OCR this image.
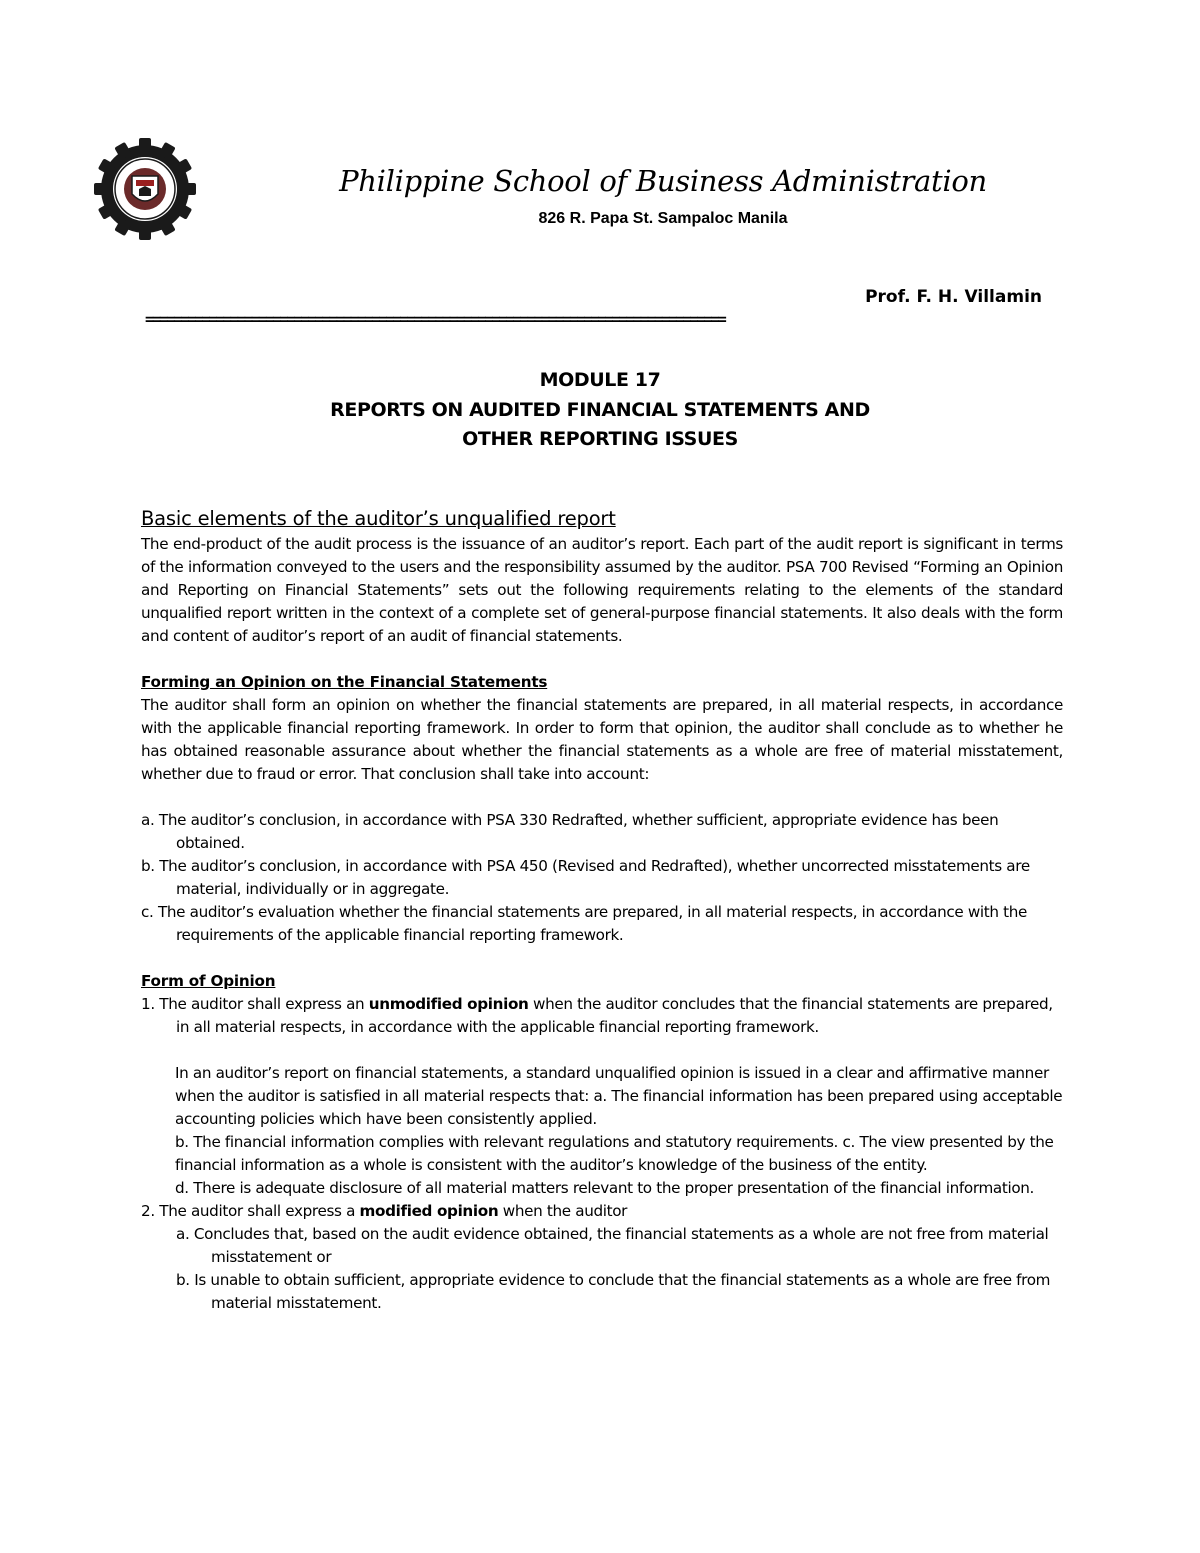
Philippine School of Business Administration
826 R. Papa St. Sampaloc Manila
Prof. F. H. Villamin
==================================================================================
MODULE 17
REPORTS ON AUDITED FINANCIAL STATEMENTS AND
OTHER REPORTING ISSUES
Basic elements of the auditor’s unqualified report
The end-product of the audit process is the issuance of an auditor’s report. Each part of the audit report is significant in terms of the information conveyed to the users and the responsibility assumed by the auditor. PSA 700 Revised “Forming an Opinion and Reporting on Financial Statements” sets out the following requirements relating to the elements of the standard unqualified report written in the context of a complete set of general-purpose financial statements. It also deals with the form and content of auditor’s report of an audit of financial statements.
Forming an Opinion on the Financial Statements
The auditor shall form an opinion on whether the financial statements are prepared, in all material respects, in accordance with the applicable financial reporting framework. In order to form that opinion, the auditor shall conclude as to whether he has obtained reasonable assurance about whether the financial statements as a whole are free of material misstatement, whether due to fraud or error. That conclusion shall take into account:
a. The auditor’s conclusion, in accordance with PSA 330 Redrafted, whether sufficient, appropriate evidence has been obtained.
b. The auditor’s conclusion, in accordance with PSA 450 (Revised and Redrafted), whether uncorrected misstatements are material, individually or in aggregate.
c. The auditor’s evaluation whether the financial statements are prepared, in all material respects, in accordance with the requirements of the applicable financial reporting framework.
Form of Opinion
1. The auditor shall express an unmodified opinion when the auditor concludes that the financial statements are prepared, in all material respects, in accordance with the applicable financial reporting framework.
In an auditor’s report on financial statements, a standard unqualified opinion is issued in a clear and affirmative manner when the auditor is satisfied in all material respects that: a. The financial information has been prepared using acceptable accounting policies which have been consistently applied.
b. The financial information complies with relevant regulations and statutory requirements. c. The view presented by the financial information as a whole is consistent with the auditor’s knowledge of the business of the entity.
d. There is adequate disclosure of all material matters relevant to the proper presentation of the financial information.
2. The auditor shall express a modified opinion when the auditor
a. Concludes that, based on the audit evidence obtained, the financial statements as a whole are not free from material misstatement or
b. Is unable to obtain sufficient, appropriate evidence to conclude that the financial statements as a whole are free from material misstatement.
